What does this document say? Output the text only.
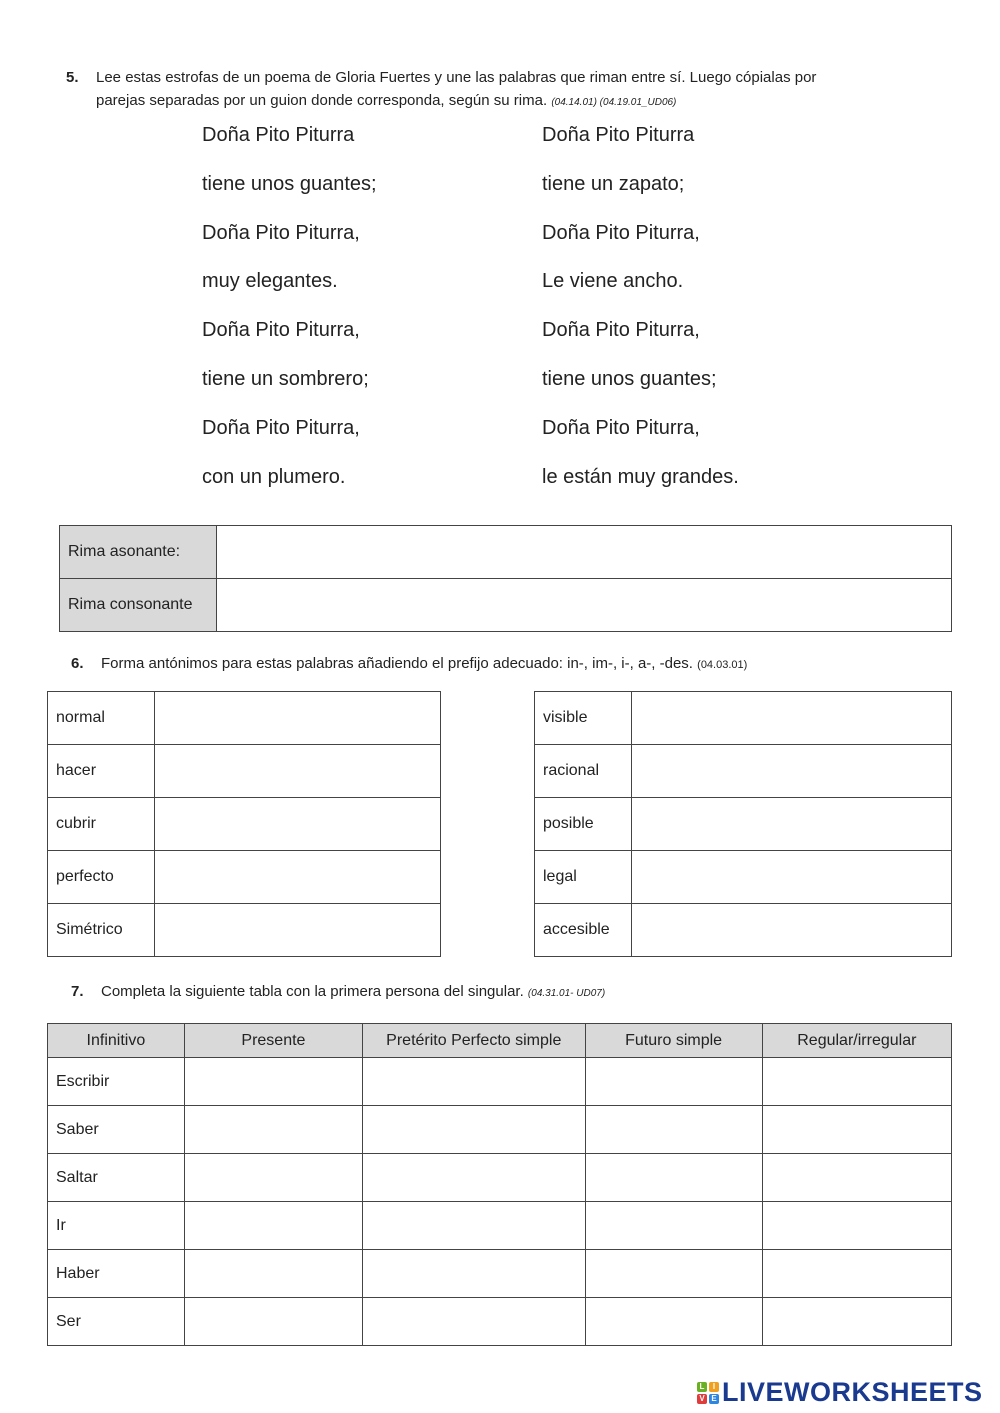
5. Lee estas estrofas de un poema de Gloria Fuertes y une las palabras que riman entre sí. Luego cópialas por
parejas separadas por un guion donde corresponda, según su rima. (04.14.01) (04.19.01_UD06)
Doña Pito Piturra
tiene unos guantes;
Doña Pito Piturra,
muy elegantes.
Doña Pito Piturra,
tiene un sombrero;
Doña Pito Piturra,
con un plumero.
Doña Pito Piturra
tiene un zapato;
Doña Pito Piturra,
Le viene ancho.
Doña Pito Piturra,
tiene unos guantes;
Doña Pito Piturra,
le están muy grandes.
Rima asonante:	
Rima consonante	
6. Forma antónimos para estas palabras añadiendo el prefijo adecuado: in-, im-, i-, a-, -des. (04.03.01)
normal	
hacer	
cubrir	
perfecto	
Simétrico	
visible	
racional	
posible	
legal	
accesible	
7. Completa la siguiente tabla con la primera persona del singular. (04.31.01- UD07)
Infinitivo	Presente	Pretérito Perfecto simple	Futuro simple	Regular/irregular
Escribir				
Saber				
Saltar				
Ir				
Haber				
Ser				
L	I
V E LIVEWORKSHEETS
